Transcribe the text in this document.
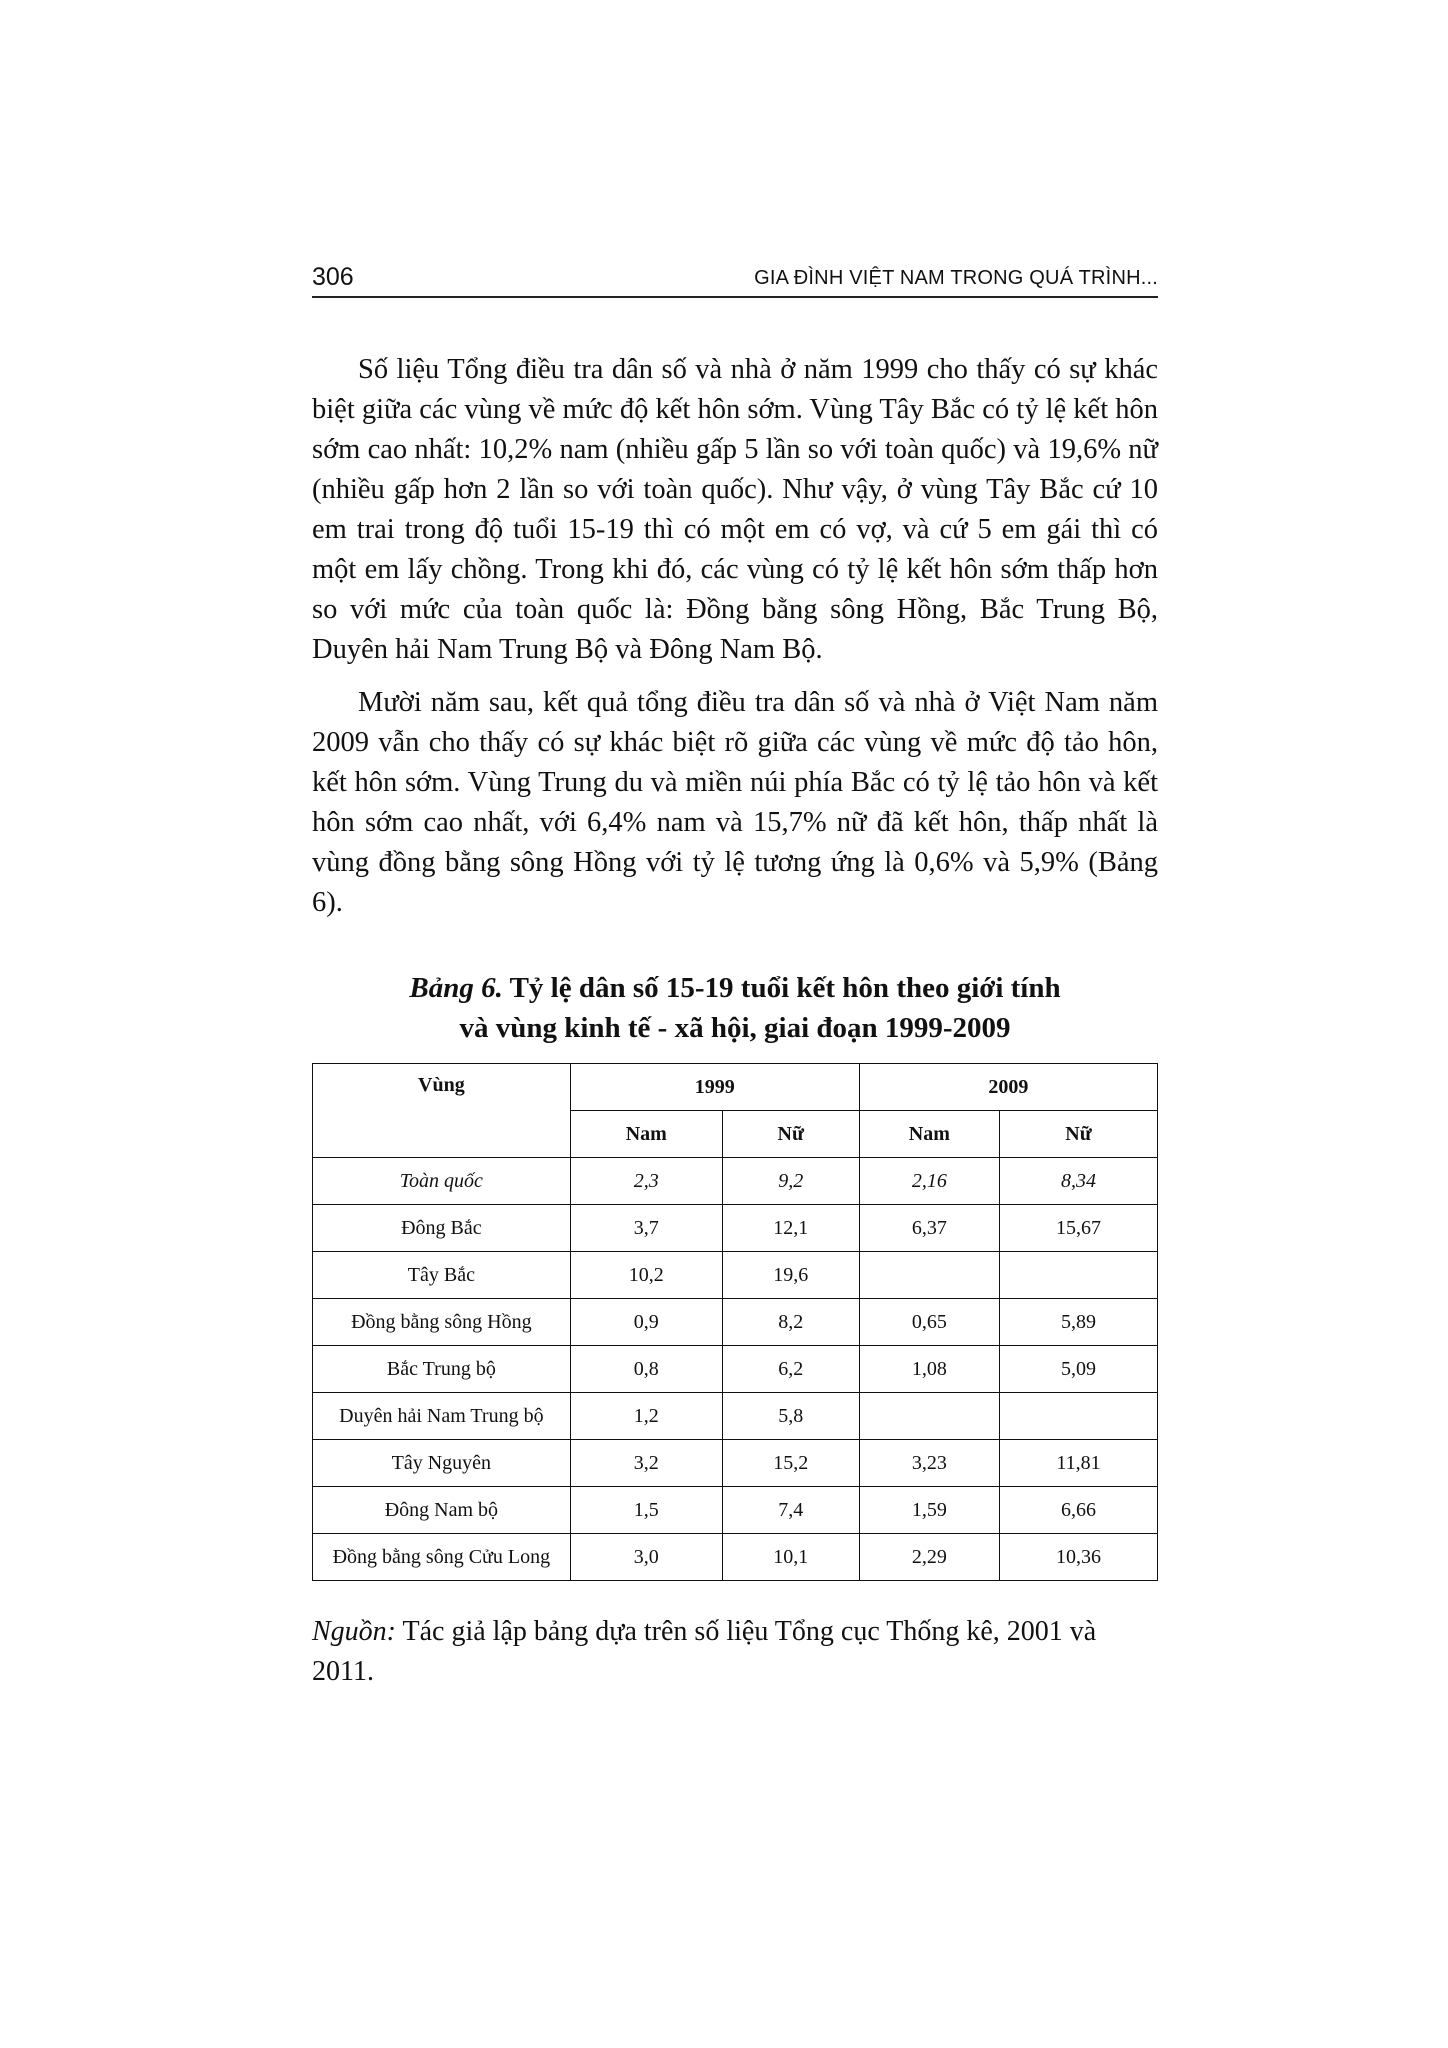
306	GIA ĐÌNH VIỆT NAM TRONG QUÁ TRÌNH...

Số liệu Tổng điều tra dân số và nhà ở năm 1999 cho thấy có sự khác biệt giữa các vùng về mức độ kết hôn sớm. Vùng Tây Bắc có tỷ lệ kết hôn sớm cao nhất: 10,2% nam (nhiều gấp 5 lần so với toàn quốc) và 19,6% nữ (nhiều gấp hơn 2 lần so với toàn quốc). Như vậy, ở vùng Tây Bắc cứ 10 em trai trong độ tuổi 15-19 thì có một em có vợ, và cứ 5 em gái thì có một em lấy chồng. Trong khi đó, các vùng có tỷ lệ kết hôn sớm thấp hơn so với mức của toàn quốc là: Đồng bằng sông Hồng, Bắc Trung Bộ, Duyên hải Nam Trung Bộ và Đông Nam Bộ.

Mười năm sau, kết quả tổng điều tra dân số và nhà ở Việt Nam năm 2009 vẫn cho thấy có sự khác biệt rõ giữa các vùng về mức độ tảo hôn, kết hôn sớm. Vùng Trung du và miền núi phía Bắc có tỷ lệ tảo hôn và kết hôn sớm cao nhất, với 6,4% nam và 15,7% nữ đã kết hôn, thấp nhất là vùng đồng bằng sông Hồng với tỷ lệ tương ứng là 0,6% và 5,9% (Bảng 6).

Bảng 6. Tỷ lệ dân số 15-19 tuổi kết hôn theo giới tính
và vùng kinh tế - xã hội, giai đoạn 1999-2009
Vùng	1999		2009	
	Nam	Nữ	Nam	Nữ
Toàn quốc	2,3	9,2	2,16	8,34
Đông Bắc	3,7	12,1	6,37	15,67
Tây Bắc	10,2	19,6		
Đồng bằng sông Hồng	0,9	8,2	0,65	5,89
Bắc Trung bộ	0,8	6,2	1,08	5,09
Duyên hải Nam Trung bộ	1,2	5,8		
Tây Nguyên	3,2	15,2	3,23	11,81
Đông Nam bộ	1,5	7,4	1,59	6,66
Đồng bằng sông Cửu Long	3,0	10,1	2,29	10,36
Nguồn: Tác giả lập bảng dựa trên số liệu Tổng cục Thống kê, 2001 và 2011.
